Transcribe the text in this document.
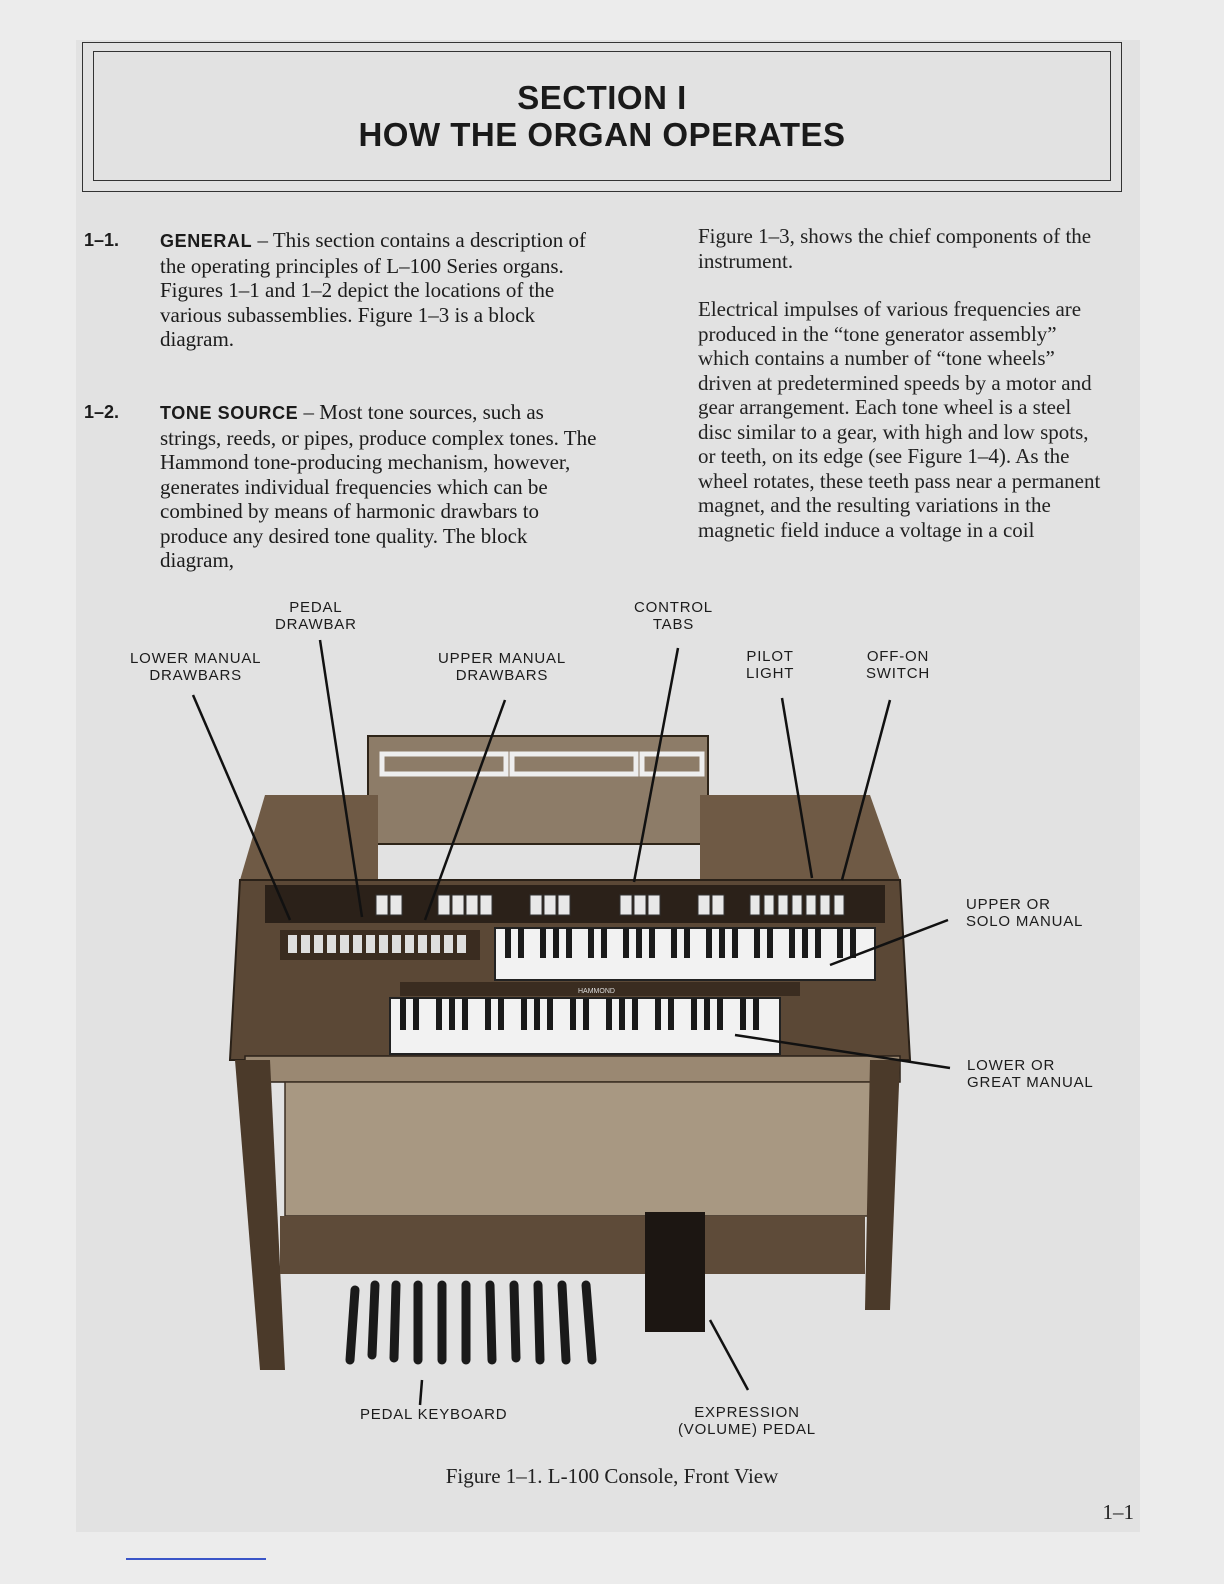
SECTION I
HOW THE ORGAN OPERATES
1–1. GENERAL – This section contains a description of the operating principles of L–100 Series organs. Figures 1–1 and 1–2 depict the locations of the various subassemblies. Figure 1–3 is a block diagram.
1–2. TONE SOURCE – Most tone sources, such as strings, reeds, or pipes, produce complex tones. The Hammond tone-producing mechanism, however, generates individual frequencies which can be combined by means of harmonic drawbars to produce any desired tone quality. The block diagram,

Figure 1–3, shows the chief components of the instrument.

Electrical impulses of various frequencies are produced in the “tone generator assembly” which contains a number of “tone wheels” driven at predetermined speeds by a motor and gear arrangement. Each tone wheel is a steel disc similar to a gear, with high and low spots, or teeth, on its edge (see Figure 1–4). As the wheel rotates, these teeth pass near a permanent magnet, and the resulting variations in the magnetic field induce a voltage in a coil

HAMMOND
PEDAL
DRAWBAR
LOWER MANUAL
DRAWBARS
UPPER MANUAL
DRAWBARS
CONTROL
TABS
PILOT
LIGHT
OFF-ON
SWITCH
UPPER OR
SOLO MANUAL
LOWER OR
GREAT MANUAL
PEDAL KEYBOARD	EXPRESSION
(VOLUME) PEDAL
Figure 1–1. L-100 Console, Front View
1–1
